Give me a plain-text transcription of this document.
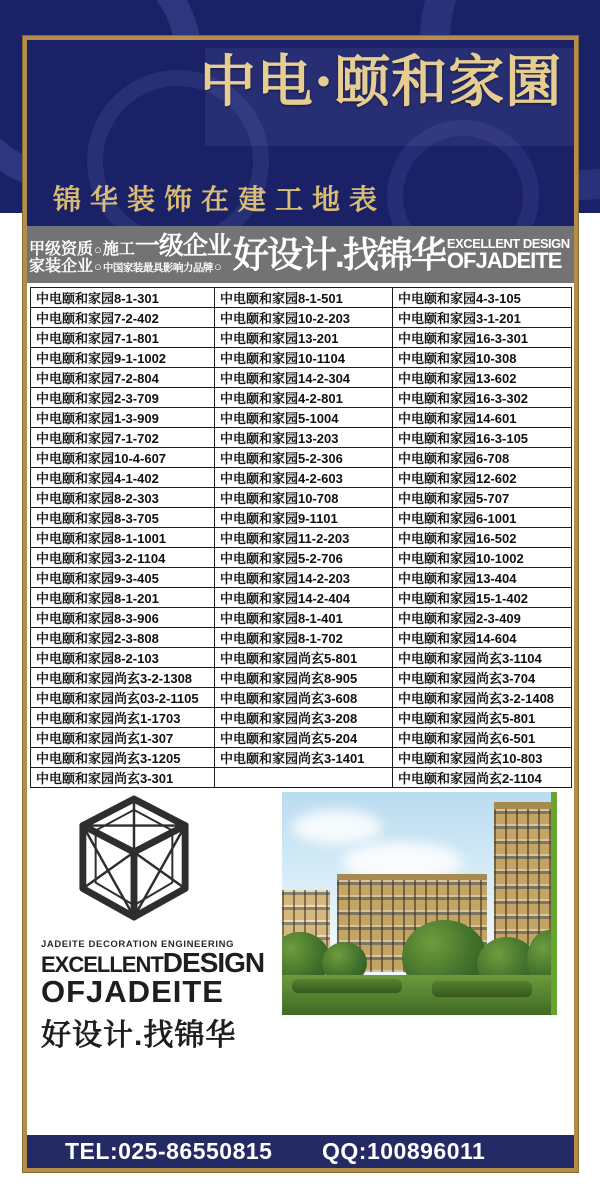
中电·颐和家園
锦华装饰在建工地表
甲级资质 ○ 施工 一级企业
家装企业 ○ 中国家装最具影响力品牌 ○ 好设计.找锦华 EXCELLENT DESIGN
OFJADEITE
中电颐和家园8-1-301	中电颐和家园8-1-501	中电颐和家园4-3-105
中电颐和家园7-2-402	中电颐和家园10-2-203	中电颐和家园3-1-201
中电颐和家园7-1-801	中电颐和家园13-201	中电颐和家园16-3-301
中电颐和家园9-1-1002	中电颐和家园10-1104	中电颐和家园10-308
中电颐和家园7-2-804	中电颐和家园14-2-304	中电颐和家园13-602
中电颐和家园2-3-709	中电颐和家园4-2-801	中电颐和家园16-3-302
中电颐和家园1-3-909	中电颐和家园5-1004	中电颐和家园14-601
中电颐和家园7-1-702	中电颐和家园13-203	中电颐和家园16-3-105
中电颐和家园10-4-607	中电颐和家园5-2-306	中电颐和家园6-708
中电颐和家园4-1-402	中电颐和家园4-2-603	中电颐和家园12-602
中电颐和家园8-2-303	中电颐和家园10-708	中电颐和家园5-707
中电颐和家园8-3-705	中电颐和家园9-1101	中电颐和家园6-1001
中电颐和家园8-1-1001	中电颐和家园11-2-203	中电颐和家园16-502
中电颐和家园3-2-1104	中电颐和家园5-2-706	中电颐和家园10-1002
中电颐和家园9-3-405	中电颐和家园14-2-203	中电颐和家园13-404
中电颐和家园8-1-201	中电颐和家园14-2-404	中电颐和家园15-1-402
中电颐和家园8-3-906	中电颐和家园8-1-401	中电颐和家园2-3-409
中电颐和家园2-3-808	中电颐和家园8-1-702	中电颐和家园14-604
中电颐和家园8-2-103	中电颐和家园尚玄5-801	中电颐和家园尚玄3-1104
中电颐和家园尚玄3-2-1308	中电颐和家园尚玄8-905	中电颐和家园尚玄3-704
中电颐和家园尚玄03-2-1105	中电颐和家园尚玄3-608	中电颐和家园尚玄3-2-1408
中电颐和家园尚玄1-1703	中电颐和家园尚玄3-208	中电颐和家园尚玄5-801
中电颐和家园尚玄1-307	中电颐和家园尚玄5-204	中电颐和家园尚玄6-501
中电颐和家园尚玄3-1205	中电颐和家园尚玄3-1401	中电颐和家园尚玄10-803
中电颐和家园尚玄3-301		中电颐和家园尚玄2-1104
JADEITE DECORATION ENGINEERING
EXCELLENTDESIGN
OFJADEITE
好设计.找锦华
TEL:025-86550815 QQ:100896011
